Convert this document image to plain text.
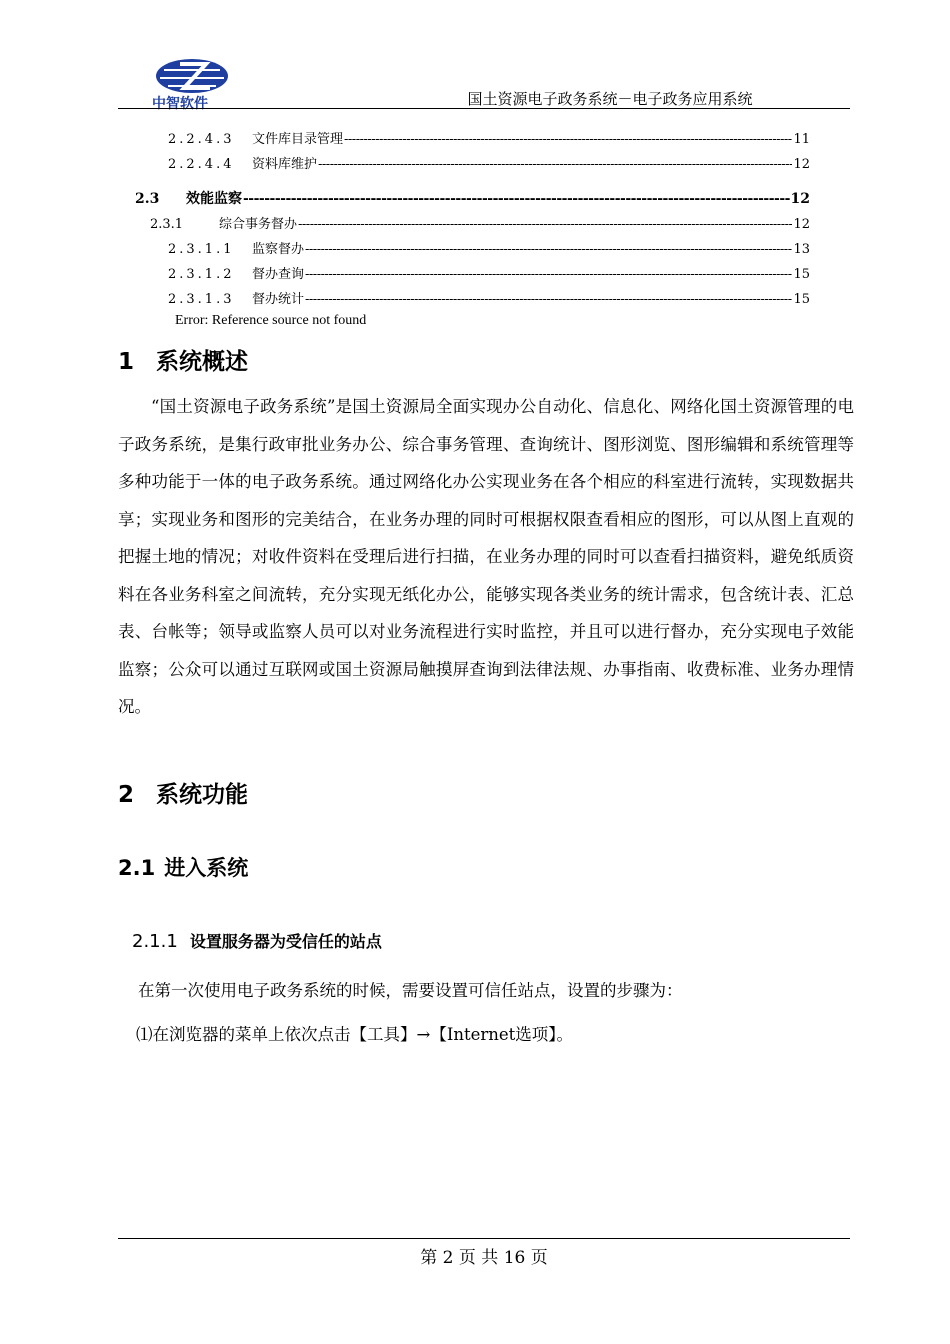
中智软件	国土资源电子政务系统－电子政务应用系统
2.2.4.3	文件库目录管理 -----	11
2.2.4.4	资料库维护 -----	12
2.3	效能监察 -----	12
2.3.1	综合事务督办 -----	12
2.3.1.1	监察督办 -----	13
2.3.1.2	督办查询 -----	15
2.3.1.3	督办统计 -----	15
Error: Reference source not found
1 系统概述

“国土资源电子政务系统”是国土资源局全面实现办公自动化、信息化、网络化国土资源管理的电子政务系统，是集行政审批业务办公、综合事务管理、查询统计、图形浏览、图形编辑和系统管理等多种功能于一体的电子政务系统。通过网络化办公实现业务在各个相应的科室进行流转，实现数据共享；实现业务和图形的完美结合，在业务办理的同时可根据权限查看相应的图形，可以从图上直观的把握土地的情况；对收件资料在受理后进行扫描，在业务办理的同时可以查看扫描资料，避免纸质资料在各业务科室之间流转，充分实现无纸化办公，能够实现各类业务的统计需求，包含统计表、汇总表、台帐等；领导或监察人员可以对业务流程进行实时监控，并且可以进行督办，充分实现电子效能监察；公众可以通过互联网或国土资源局触摸屏查询到法律法规、办事指南、收费标准、业务办理情况。

2 系统功能
2.1 进入系统
2.1.1 设置服务器为受信任的站点

在第一次使用电子政务系统的时候，需要设置可信任站点，设置的步骤为：

⑴在浏览器的菜单上依次点击【工具】→【Internet选项】。

第 2 页 共 16 页
